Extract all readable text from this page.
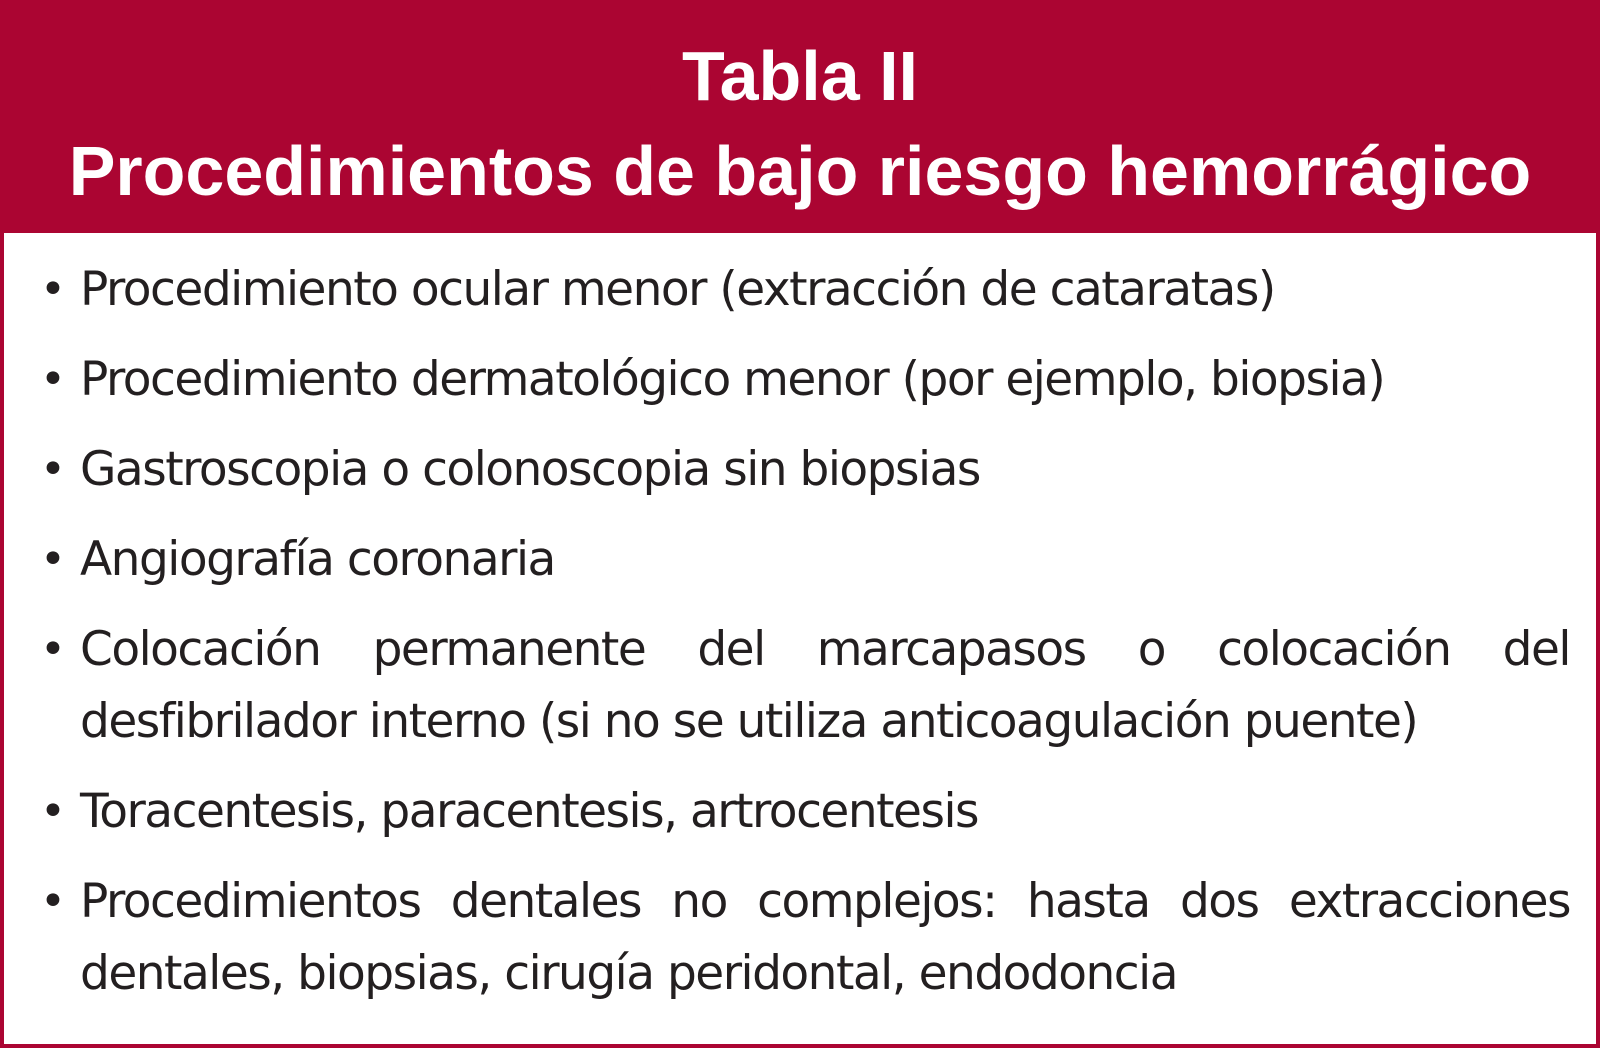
Tabla II
Procedimientos de bajo riesgo hemorrágico
• Procedimiento ocular menor (extracción de cataratas)
• Procedimiento dermatológico menor (por ejemplo, biopsia)
• Gastroscopia o colonoscopia sin biopsias
• Angiografía coronaria
• Colocación permanente del marcapasos o colocación del desfibrilador interno (si no se utiliza anticoagulación puente)
• Toracentesis, paracentesis, artrocentesis
• Procedimientos dentales no complejos: hasta dos extracciones dentales, biopsias, cirugía peridontal, endodoncia
